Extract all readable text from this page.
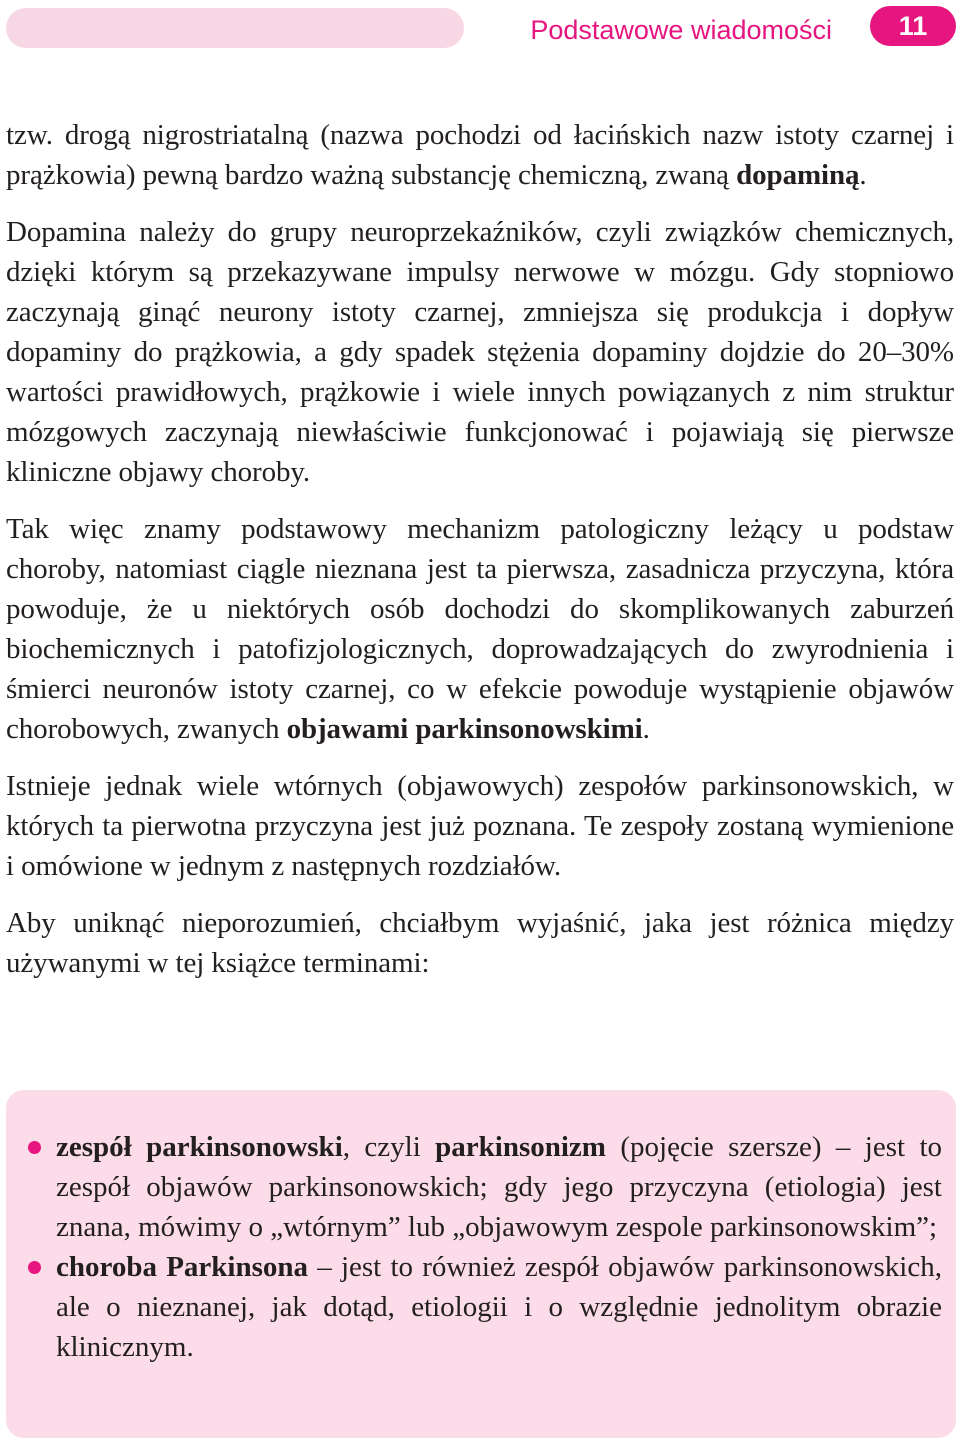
Podstawowe wiadomości	11

tzw. drogą nigrostriatalną (nazwa pochodzi od łacińskich nazw istoty czarnej i prążkowia) pewną bardzo ważną substancję chemiczną, zwaną dopaminą.

Dopamina należy do grupy neuroprzekaźników, czyli związków chemicznych, dzięki którym są przekazywane impulsy nerwowe w mózgu. Gdy stopniowo zaczynają ginąć neurony istoty czarnej, zmniejsza się produkcja i dopływ dopaminy do prążkowia, a gdy spadek stężenia dopaminy dojdzie do 20–30% wartości prawidłowych, prążkowie i wiele innych powiązanych z nim struktur mózgowych zaczynają niewłaściwie funkcjonować i pojawiają się pierwsze kliniczne objawy choroby.

Tak więc znamy podstawowy mechanizm patologiczny leżący u podstaw choroby, natomiast ciągle nieznana jest ta pierwsza, zasadnicza przyczyna, która powoduje, że u niektórych osób dochodzi do skomplikowanych zaburzeń biochemicznych i patofizjologicznych, doprowadzających do zwyrodnienia i śmierci neuronów istoty czarnej, co w efekcie powoduje wystąpienie objawów chorobowych, zwanych objawami parkinsonowskimi.

Istnieje jednak wiele wtórnych (objawowych) zespołów parkinsonowskich, w których ta pierwotna przyczyna jest już poznana. Te zespoły zostaną wymienione i omówione w jednym z następnych rozdziałów.

Aby uniknąć nieporozumień, chciałbym wyjaśnić, jaka jest różnica między używanymi w tej książce terminami:

zespół parkinsonowski, czyli parkinsonizm (pojęcie szersze) – jest to zespół objawów parkinsonowskich; gdy jego przyczyna (etiologia) jest znana, mówimy o „wtórnym” lub „objawowym zespole parkinsonowskim”;
choroba Parkinsona – jest to również zespół objawów parkinsonowskich, ale o nieznanej, jak dotąd, etiologii i o względnie jednolitym obrazie klinicznym.
